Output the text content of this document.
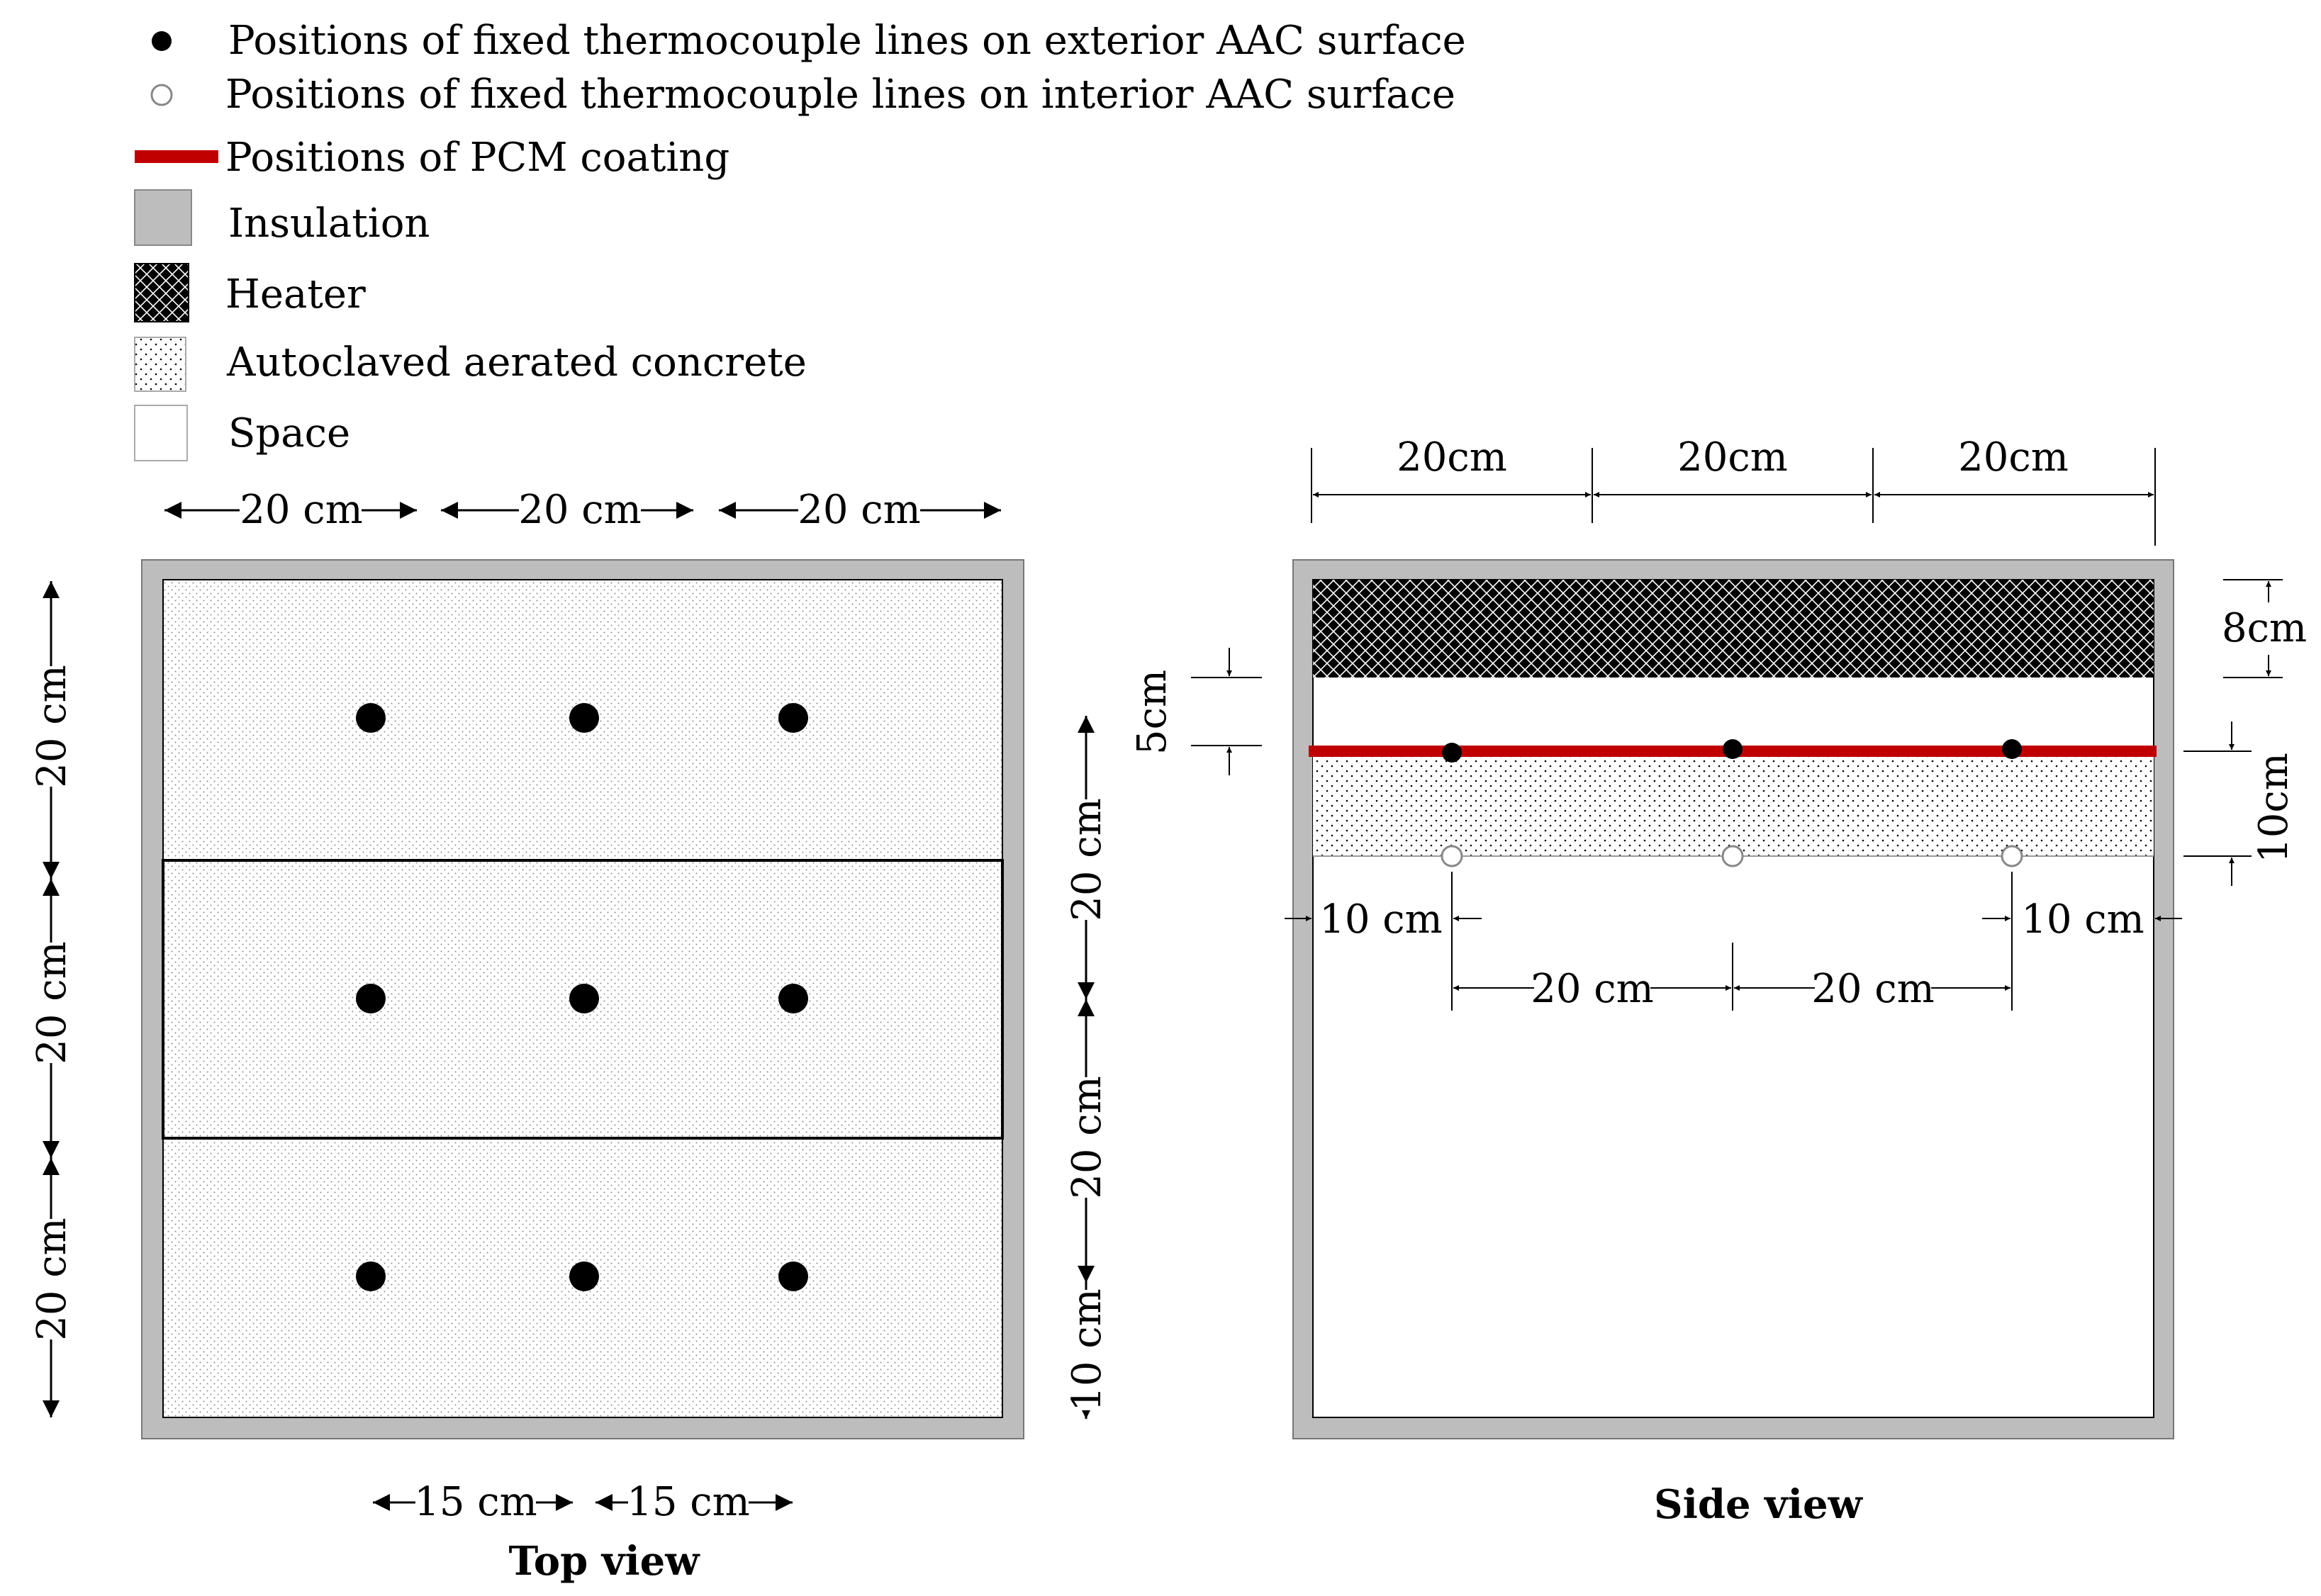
Positions of fixed thermocouple lines on exterior AAC surface
Positions of fixed thermocouple lines on interior AAC surface
Positions of PCM coating
Insulation
Heater
Autoclaved aerated concrete
Space
20 cm	20 cm	20 cm
20 cm
20 cm
20 cm
20 cm
20 cm
10 cm
15 cm 15 cm
Top view
20cm	20cm	20cm
8cm
5cm
10cm
10 cm	10 cm
20 cm	20 cm
Side view
